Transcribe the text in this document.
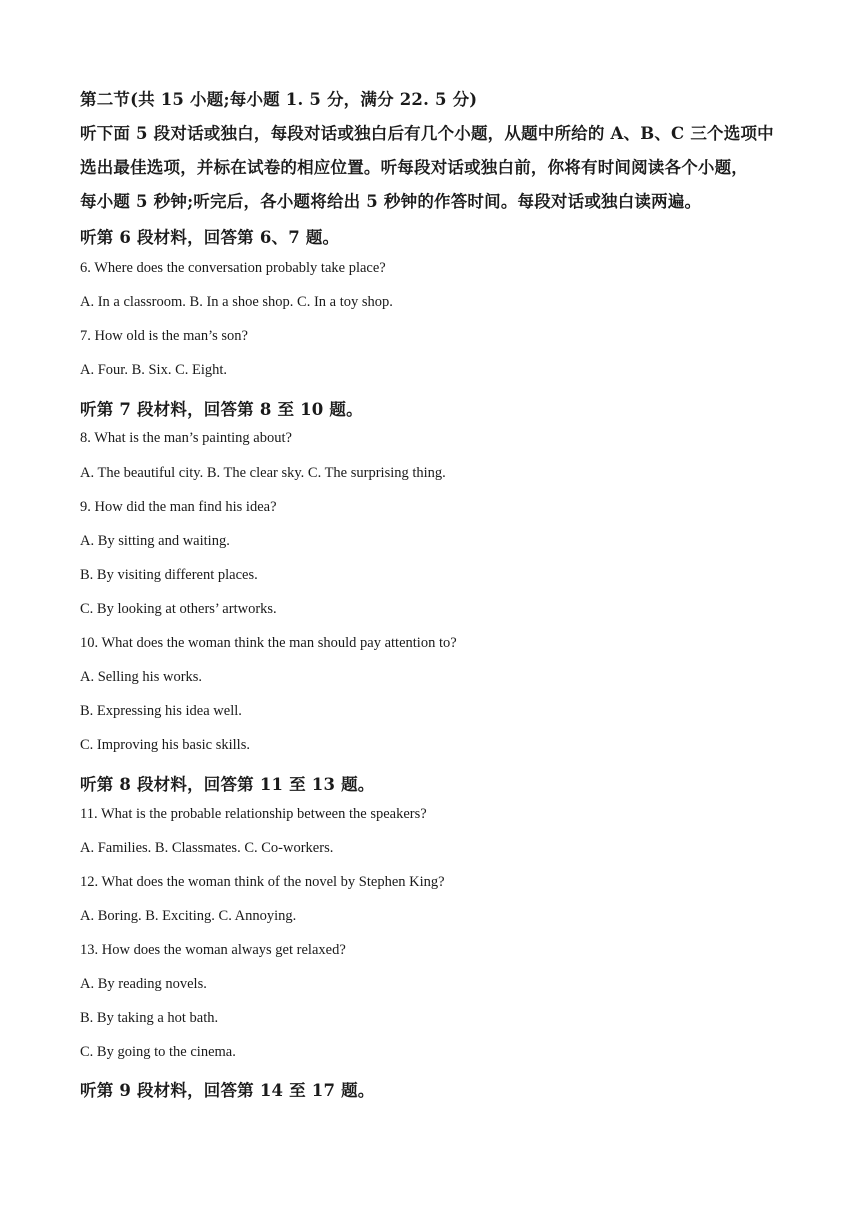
第二节(共 15 小题;每小题 1. 5 分，满分 22. 5 分)
听下面 5 段对话或独白，每段对话或独白后有几个小题，从题中所给的 A、B、C 三个选项中
选出最佳选项，并标在试卷的相应位置。听每段对话或独白前，你将有时间阅读各个小题，
每小题 5 秒钟;听完后，各小题将给出 5 秒钟的作答时间。每段对话或独白读两遍。
听第 6 段材料，回答第 6、7 题。
6. Where does the conversation probably take place?
A. In a classroom. B. In a shoe shop. C. In a toy shop.
7. How old is the man’s son?
A. Four. B. Six. C. Eight.
听第 7 段材料，回答第 8 至 10 题。
8. What is the man’s painting about?
A. The beautiful city. B. The clear sky. C. The surprising thing.
9. How did the man find his idea?
A. By sitting and waiting.
B. By visiting different places.
C. By looking at others’ artworks.
10. What does the woman think the man should pay attention to?
A. Selling his works.
B. Expressing his idea well.
C. Improving his basic skills.
听第 8 段材料，回答第 11 至 13 题。
11. What is the probable relationship between the speakers?
A. Families. B. Classmates. C. Co-workers.
12. What does the woman think of the novel by Stephen King?
A. Boring. B. Exciting. C. Annoying.
13. How does the woman always get relaxed?
A. By reading novels.
B. By taking a hot bath.
C. By going to the cinema.
听第 9 段材料，回答第 14 至 17 题。
